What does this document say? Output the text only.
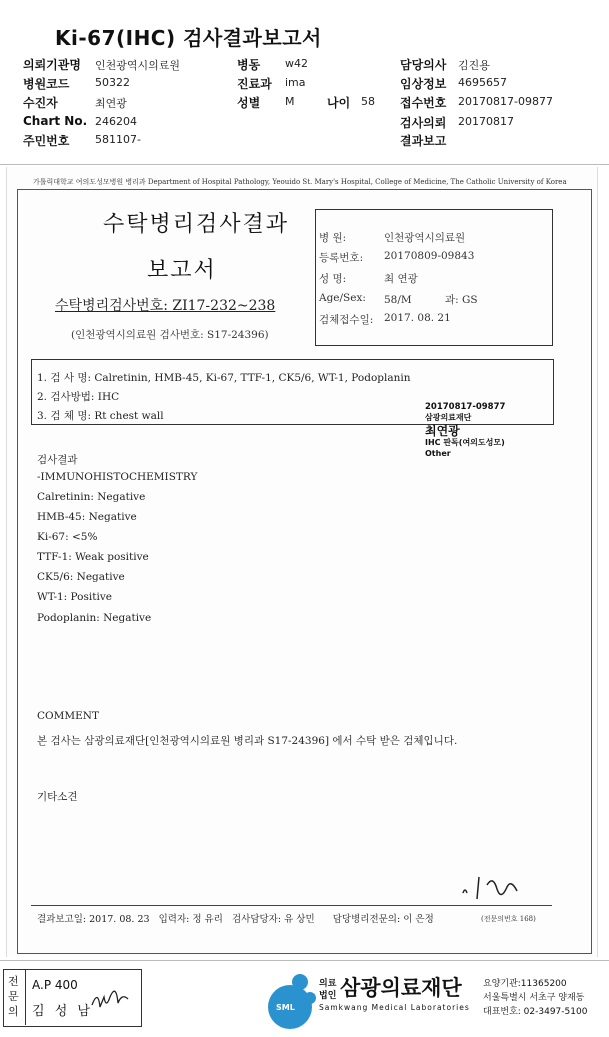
Ki-67(IHC) 검사결과보고서
의뢰기관명 인천광역시의료원
병원코드 50322
수진자	최연광
Chart No. 246204
주민번호 581107-
병동 w42
진료과 ima
성별 M	나이 58
담당의사 김진용
임상정보 4695657
접수번호 20170817-09877
검사의뢰 20170817
결과보고
가톨릭대학교 여의도성모병원 병리과 Department of Hospital Pathology, Yeouido St. Mary's Hospital, College of Medicine, The Catholic University of Korea
수탁병리검사결과
보고서
수탁병리검사번호: ZI17-232~238
(인천광역시의료원 검사번호: S17-24396)
병 원:	인천광역시의료원
등록번호: 20170809-09843
성 명:	최 연광
Age/Sex: 58/M          과: GS
검체접수일: 2017. 08. 21
1. 검 사 명: Calretinin, HMB-45, Ki-67, TTF-1, CK5/6, WT-1, Podoplanin
2. 검사방법: IHC
3. 검 체 명: Rt chest wall
20170817-09877
삼광의료재단
최연광
IHC 판독(여의도성모)
Other
검사결과
-IMMUNOHISTOCHEMISTRY
Calretinin: Negative
HMB-45: Negative
Ki-67: <5%
TTF-1: Weak positive
CK5/6: Negative
WT-1: Positive
Podoplanin: Negative
COMMENT
본 검사는 삼광의료재단[인천광역시의료원 병리과 S17-24396] 에서 수탁 받은 검체입니다.
기타소견
결과보고일: 2017. 08. 23   입력자: 정 유리   검사담당자: 유 상민      담당병리전문의: 이 은정	(전문의번호 168)
전문의
A.P 400
김 성 남	SML
의료
법인 삼광의료재단
Samkwang Medical Laboratories
요양기관:11365200
서울특별시 서초구 양재동
대표번호: 02-3497-5100
